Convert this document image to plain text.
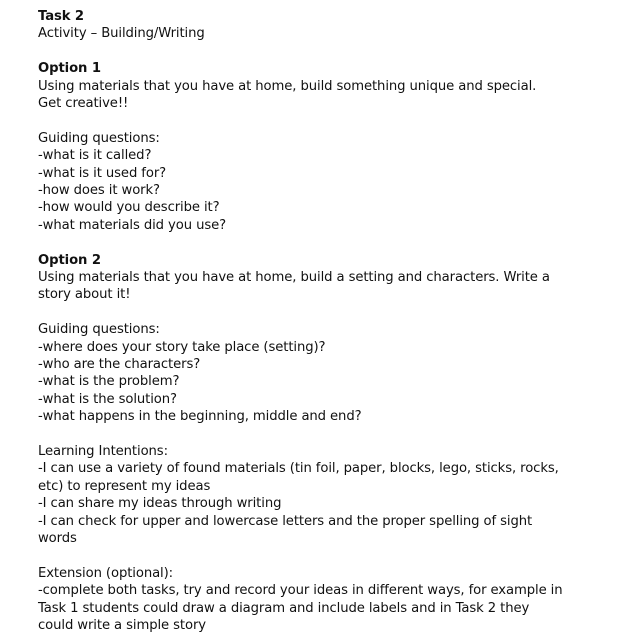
Task 2
Activity – Building/Writing
Option 1
Using materials that you have at home, build something unique and special.
Get creative!!
Guiding questions:
-what is it called?
-what is it used for?
-how does it work?
-how would you describe it?
-what materials did you use?
Option 2
Using materials that you have at home, build a setting and characters. Write a
story about it!
Guiding questions:
-where does your story take place (setting)?
-who are the characters?
-what is the problem?
-what is the solution?
-what happens in the beginning, middle and end?
Learning Intentions:
-I can use a variety of found materials (tin foil, paper, blocks, lego, sticks, rocks,
etc) to represent my ideas
-I can share my ideas through writing
-I can check for upper and lowercase letters and the proper spelling of sight
words
Extension (optional):
-complete both tasks, try and record your ideas in different ways, for example in
Task 1 students could draw a diagram and include labels and in Task 2 they
could write a simple story
